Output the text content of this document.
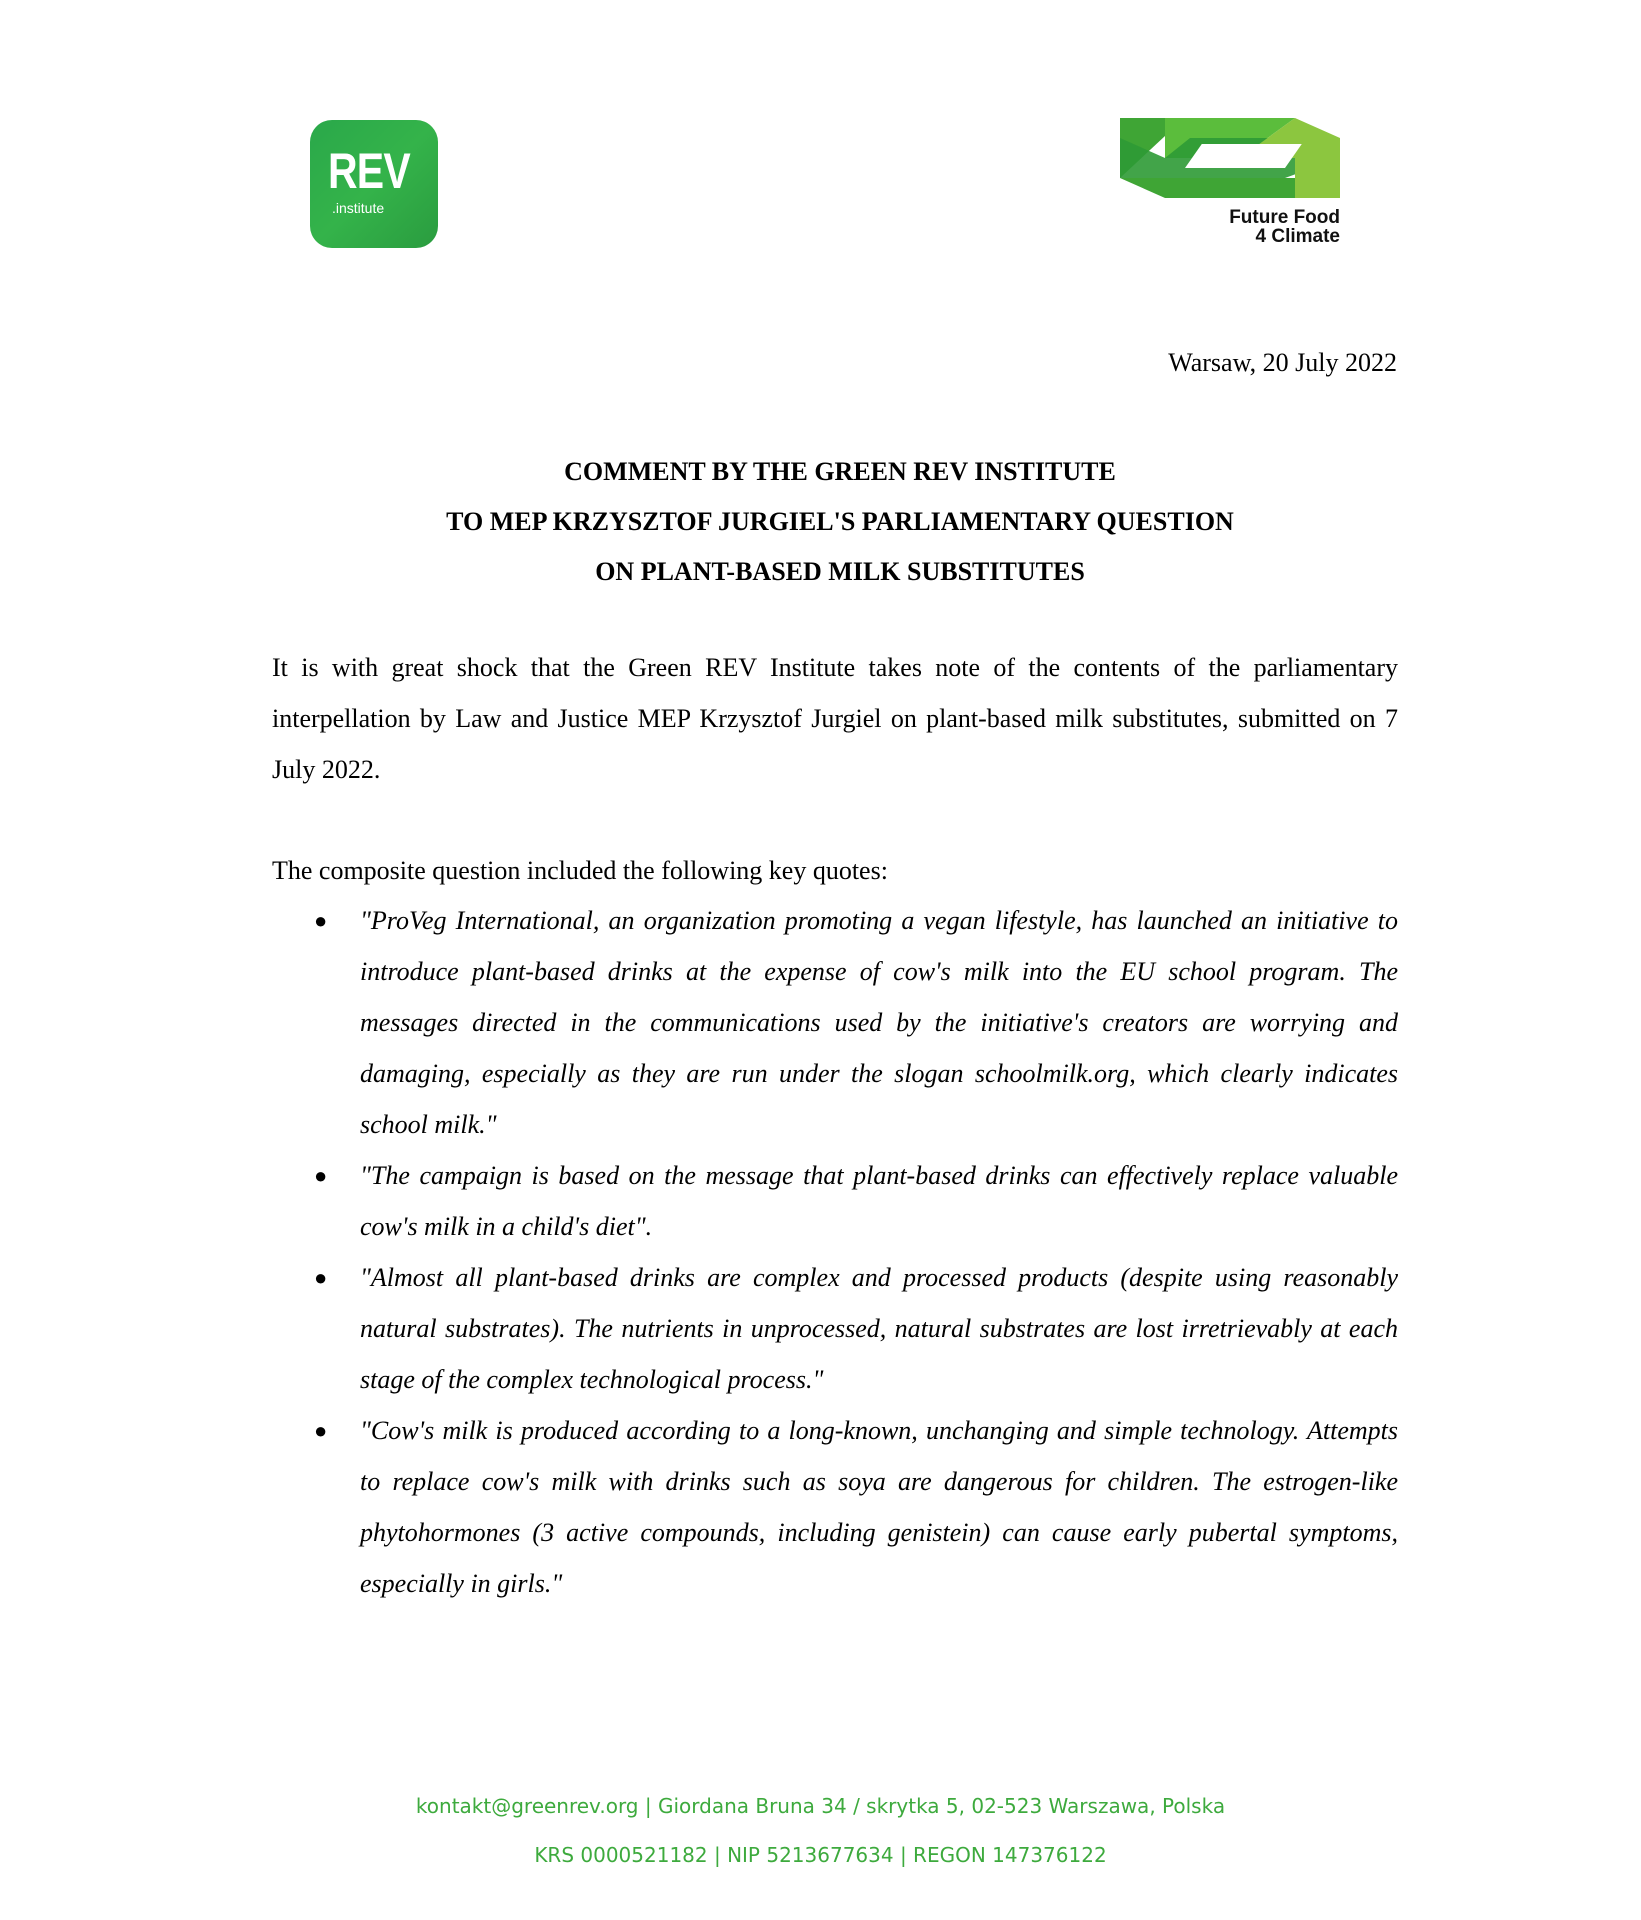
REV
.institute	Future Food
4 Climate
Warsaw, 20 July 2022
COMMENT BY THE GREEN REV INSTITUTE
TO MEP KRZYSZTOF JURGIEL'S PARLIAMENTARY QUESTION
ON PLANT-BASED MILK SUBSTITUTES
It is with great shock that the Green REV Institute takes note of the contents of the parliamentary interpellation by Law and Justice MEP Krzysztof Jurgiel on plant-based milk substitutes, submitted on 7 July 2022.
The composite question included the following key quotes:
● "ProVeg International, an organization promoting a vegan lifestyle, has launched an initiative to introduce plant-based drinks at the expense of cow's milk into the EU school program. The messages directed in the communications used by the initiative's creators are worrying and damaging, especially as they are run under the slogan schoolmilk.org, which clearly indicates school milk."
● "The campaign is based on the message that plant-based drinks can effectively replace valuable cow's milk in a child's diet".
● "Almost all plant-based drinks are complex and processed products (despite using reasonably natural substrates). The nutrients in unprocessed, natural substrates are lost irretrievably at each stage of the complex technological process."
● "Cow's milk is produced according to a long-known, unchanging and simple technology. Attempts to replace cow's milk with drinks such as soya are dangerous for children. The estrogen-like phytohormones (3 active compounds, including genistein) can cause early pubertal symptoms, especially in girls."
kontakt@greenrev.org | Giordana Bruna 34 / skrytka 5, 02-523 Warszawa, Polska
KRS 0000521182 | NIP 5213677634 | REGON 147376122
